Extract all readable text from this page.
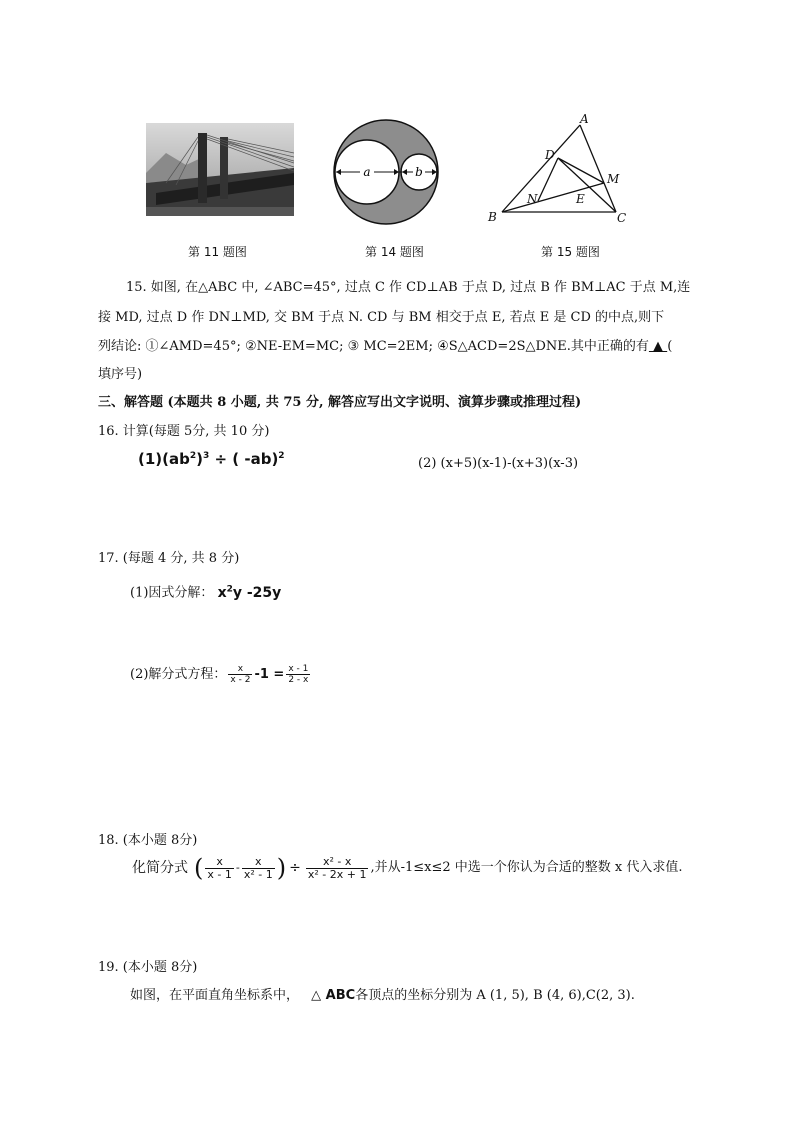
第 11 题图
a	b
第 14 题图
A
B	C
D
M
N	E
第 15 题图
15. 如图, 在△ABC 中, ∠ABC=45°, 过点 C 作 CD⊥AB 于点 D, 过点 B 作 BM⊥AC 于点 M,连
接 MD, 过点 D 作 DN⊥MD, 交 BM 于点 N. CD 与 BM 相交于点 E, 若点 E 是 CD 的中点,则下
列结论: ①∠AMD=45°; ②NE-EM=MC; ③ MC=2EM; ④S△ACD=2S△DNE.其中正确的有 ▲ (
填序号)
三、解答题 (本题共 8 小题, 共 75 分, 解答应写出文字说明、演算步骤或推理过程)
16. 计算(每题 5分, 共 10 分)
$(1)(ab^2)^3$ ÷ ( -ab)$^2$	(2) (x+5)(x-1)-(x+3)(x-3)
17. (每题 4 分, 共 8 分)
(1)因式分解： $x^2y$ -25y
(2)解分式方程： $\frac{x}{x - 2} -1 = \frac{x - 1}{2 - x}$
18. (本小题 8分)
化简分式 ( $\frac{x}{x - 1} - \frac{x}{\text{x² - 1}}$ ) ÷ $\frac{\text{x² - x}}{\text{x² - 2x + 1}}$ ,并从-1≤x≤2 中选一个你认为合适的整数 x 代入求值.
19. (本小题 8分)
如图，在平面直角坐标系中， △ ABC各顶点的坐标分别为 A (1, 5), B (4, 6),C(2, 3).
